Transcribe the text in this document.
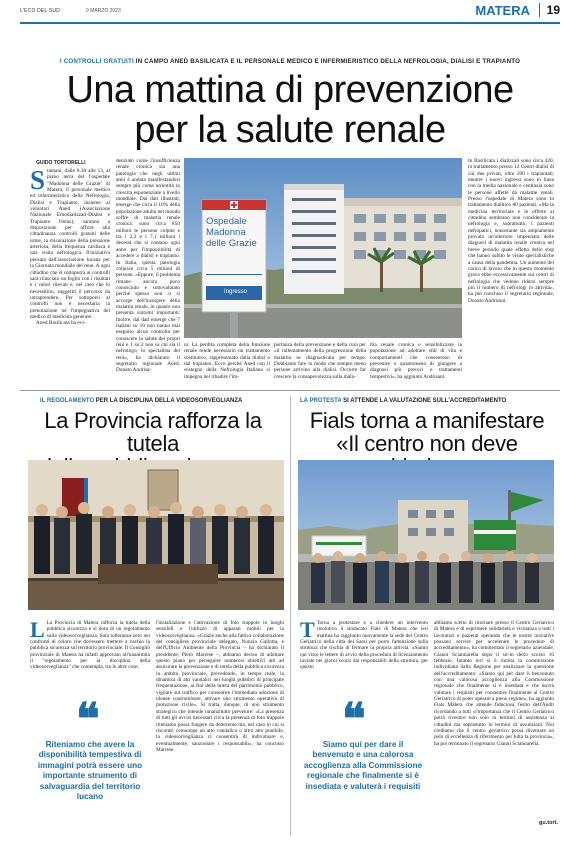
L'ECO DEL SUD	9 MARZO 2023	MATERA 19
I CONTROLLI GRATUITI IN CAMPO ANED BASILICATA E IL PERSONALE MEDICO E INFERMIERISTICO DELLA NEFROLOGIA, DIALISI E TRAPIANTO
Una mattina di prevenzione
per la salute renale
GUIDO TORTORELLI
Stamani, dalle 8.30 alle 13, al piano terra del l'ospedale "Madonna delle Grazie" di Matera, il personale medico ed infermieristico della Nefrologia, Dialisi e Trapianto, insieme ai volontari Aned (Associazione Nazionale Emodializzati-Dialisi e Trapianto Onlus), saranno a disposizione per offrire alla cittadinanza controlli gratuiti delle urine, la misurazione della pressione arteriosa, della frequenza cardiaca e una visita nefrologica. Il'iniziativa pensata dall'associazione lucana per la Giornata mondiale del rene. A ogni cittadino che si sottoporrà ai controlli sarà rilasciato un foglio con i risultati e i valori rilevati e, nel caso che lo necessitino, suggeriti il percorso da intraprendere. Per sottoporsi ai controlli non è necessaria la prenotazione né l'impegnativa del medico di medicina generale.
Aned Basilicata ha evi-
denziato come l'insufficienza renale cronica sia una patologia che negli ultimi anni è andata manifestandosi sempre più come un'entità in crescita esponenziale a livello mondiale. Dai dati illustrati, emerge che circa il 10% della popolazione adulta nel mondo soffre di malattia renale cronica: sono circa 850 milioni le persone colpite e tra i 2,3 e i 7,1 milioni i decessi che si contano ogni anno per l'impossibilità di accedere a dialisi e trapianto. In Italia, questa patologia colpisce circa 5 milioni di persone. «Eppure, il problema rimane ancora poco conosciuto e sottovalutato perché spesso non ci si accorge dell'insorgere della malattia renale, in quanto non presenta sintomi importanti. Inoltre, dai dati emerge che 7 italiani su 10 non hanno mai eseguito alcun controllo per conoscere la salute dei propri reni e 1 su 2 non sa chi sia il nefrologo, lo specialista dei reni», ha dichiarato il segretario regionale Aned, Donato Andrisa-
ni. La perdita completa della funzione renale rende necessario un trattamento sostitutivo, rappresentato dalla dialisi o dal trapianto. Ecco perché Aned con il sostegno della Nefrologia Italiana si impegna nel ribadire l'im-
portanza della prevenzione e della cura per «il rallentamento della progressione della malattia se diagnosticata per tempo. Dobbiamo fare in modo che sempre meno persone arrivino alla dialisi. Occorre far crescere la consapevolezza sulla mala-
ttia renale cronica e sensibilizzare la popolazione ad adottare stili di vita e comportamenti che consentono di prevenire o quantomeno di giungere a diagnosi più precoci e trattamenti tempestivi», ha aggiunto Andrisani.
In Basilicata i dializzati sono circa 420, in trattamento presso 12 Centri dialisi di cui due privati, oltre 200 i trapiantati, mentre i nuovi ingressi sono in linea con la media nazionale e centinaia sono le persone affette da malattie renali. Presso l'ospedale di Matera sono in trattamento dialitico 80 pazienti. «Ma la medicina territoriale e le offerte al cittadino sembrano non considerare la nefrologia e, soprattutto, i pazienti nefropatici, nonostante sia ampiamente provata un'ulteriore impennata delle diagnosi di malattia renale cronica nel breve periodo quale effetto dello stop che hanno subito le visite specialistiche a causa della pandemia. Un aumento del carico di lavoro che in questo momento grava ebbe eccessivamente sui centri di nefrologia che vedono ridursi sempre più il numero di nefrologi in attività», ha poi concluso il segretario regionale, Donato Andrisani.
Ospedale
Madonna
delle Grazie
Ingresso
IL REGOLAMENTO PER LA DISCIPLINA DELLA VIDEOSORVEGLIANZA
La Provincia rafforza la tutela
L La Provincia di Matera rafforza la tutela della pubblica sicurezza e si dota di un regolamento sulla videosorveglianza. Sarà tolleranza zero nei confronti di coloro che dovessero mettere a rischio la pubblica sicurezza sul territorio provinciale. Il Consiglio provinciale di Matera ha infatti approvato all'unanimità il "regolamento per la disciplina della videosorveglianza" che contempla, tra le altre cose,
❝
Riteniamo che avere la disponibilità tempestiva di immagini potrà essere uno importante strumento di salvaguardia del territorio lucano
l'installazione e l'attivazione di foto trappole in luoghi sensibili e l'utilizzo di apparati mobili per la videosorveglianza. «Grazie anche alla fattiva collaborazione del consigliere provinciale delegato, Nunzio Gallotta, e dell'Ufficio Ambiente della Provincia – ha dichiarato il presidente, Piero Marrese –, abbiamo deciso di adottare questo piano per perseguire numerosi obiettivi atti ad assicurare la prevenzione e di tutela della pubblica sicurezza in ambito provinciale, prevedendo, in tempo reale, la dinamica di atti vandalici nei luoghi pubblici di principale frequentazione, ai fini della tutela del patrimonio pubblico, vigilare sul traffico per consentire l'immediata adozione di idonee contromisure, attivare uno strumento operativo di protezione civile». Si tratta, dunque, di uno strumento strategico che intende innanzitutto prevenire: «La presenza di tutti gli avvisi necessari circa la presenza di foto trappole riteniamo possa fungere da deterrente ma, nel caso in cui si riscontri comunque un atto vandalico o altro atto punibile, la videosorveglianza ci consentirà di individuare e, eventualmente, sanzionare i responsabili», ha concluso Marrese.
LA PROTESTA SI ATTENDE LA VALUTAZIONE SULL'ACCREDITAMENTO
Fials torna a manifestare
«Il centro non deve
T Torna a protestare e a chiedere un intervento risolutivo il sindacato Fials di Matera che ieri mattina ha raggiunto nuovamente la sede del Centro Geriatrico della città dei Sassi per porre l'attenzione sulla struttura che rischia di fermare la propria attività. «Siamo qui visto le lettere di avvio della procedura di licenziamento inviate nei giorni scorsi dai responsabili della struttura, per questo
❝
Siamo qui per dare il benvenuto e una calorosa accoglienza alla Commissione regionale che finalmente si è insediata e valuterà i requisiti
abbiamo scelto di ritornare presso il Centro Geriatrico di Matera e di esprimere solidarietà e vicinanza a tutti i lavoratori e pazienti sperando che le nostre iniziative possano servire per accelerare le procedure di accreditamento», ha commentato il segretario aziendale, Gianni Sciannarella dopo il sit-in dello scorso 10 febbraio. Intanto ieri si è riunita la commissione individuata dalla Regione per analizzare la questione dell'accreditamento: «Siamo qui per dare il benvenuto con una calorosa accoglienza alla Commissione regionale che finalmente si è insediata e che dovrà valutare i requisiti per consentire finalmente al Centro Geriatrico di poter operare a pieno regime», ha aggiunto Fials Matera che attende fiduciosa l'esito dell'Audit ricordando a tutti «l'importanza che il Centro Geriatrico potrà rivestire non solo in termini di assistenza ai cittadini ma soprattutto in termini di assunzioni. Noi crediamo che il centro geriatrico possa diventare un polo di eccellenza di riferimento per tutta la provincia», ha poi terminato il segretario Gianni Sciannarella.
gu.tort.
